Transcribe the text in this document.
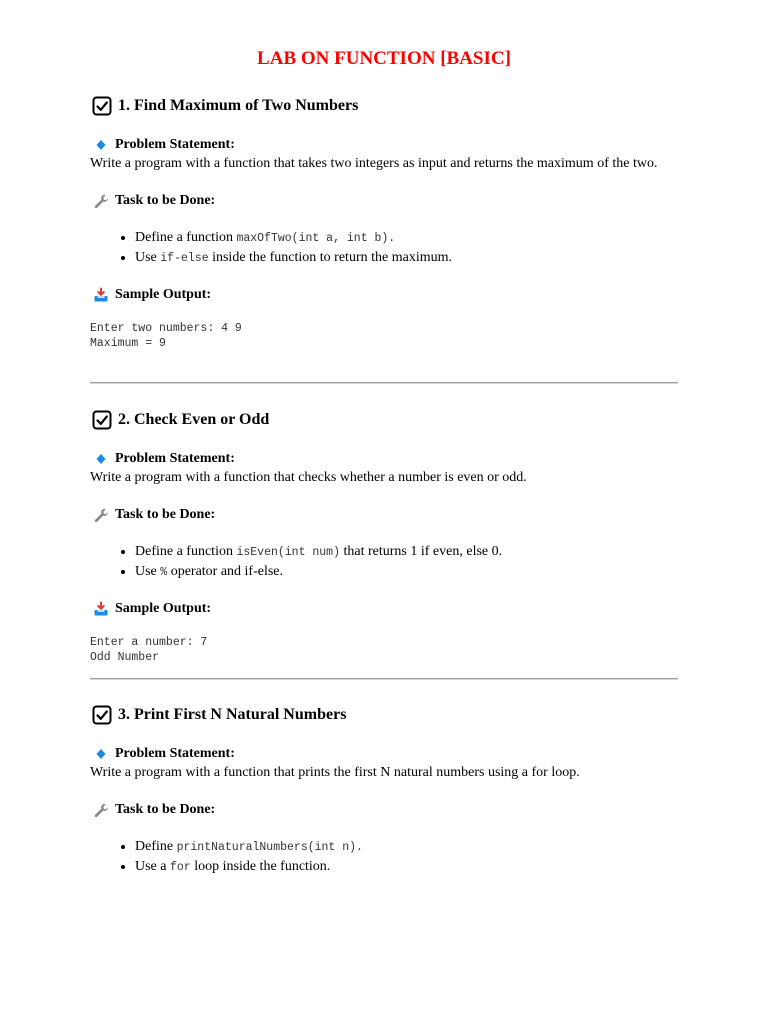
LAB ON FUNCTION [BASIC]
1. Find Maximum of Two Numbers
Problem Statement:

Write a program with a function that takes two integers as input and returns the maximum of the two.

Task to be Done:
• Define a function maxOfTwo(int a, int b).
• Use if-else inside the function to return the maximum.
Sample Output:
Enter two numbers: 4 9
Maximum = 9
2. Check Even or Odd
Problem Statement:

Write a program with a function that checks whether a number is even or odd.

Task to be Done:
• Define a function isEven(int num) that returns 1 if even, else 0.
• Use % operator and if-else.
Sample Output:
Enter a number: 7
Odd Number
3. Print First N Natural Numbers
Problem Statement:

Write a program with a function that prints the first N natural numbers using a for loop.

Task to be Done:
• Define printNaturalNumbers(int n).
• Use a for loop inside the function.
